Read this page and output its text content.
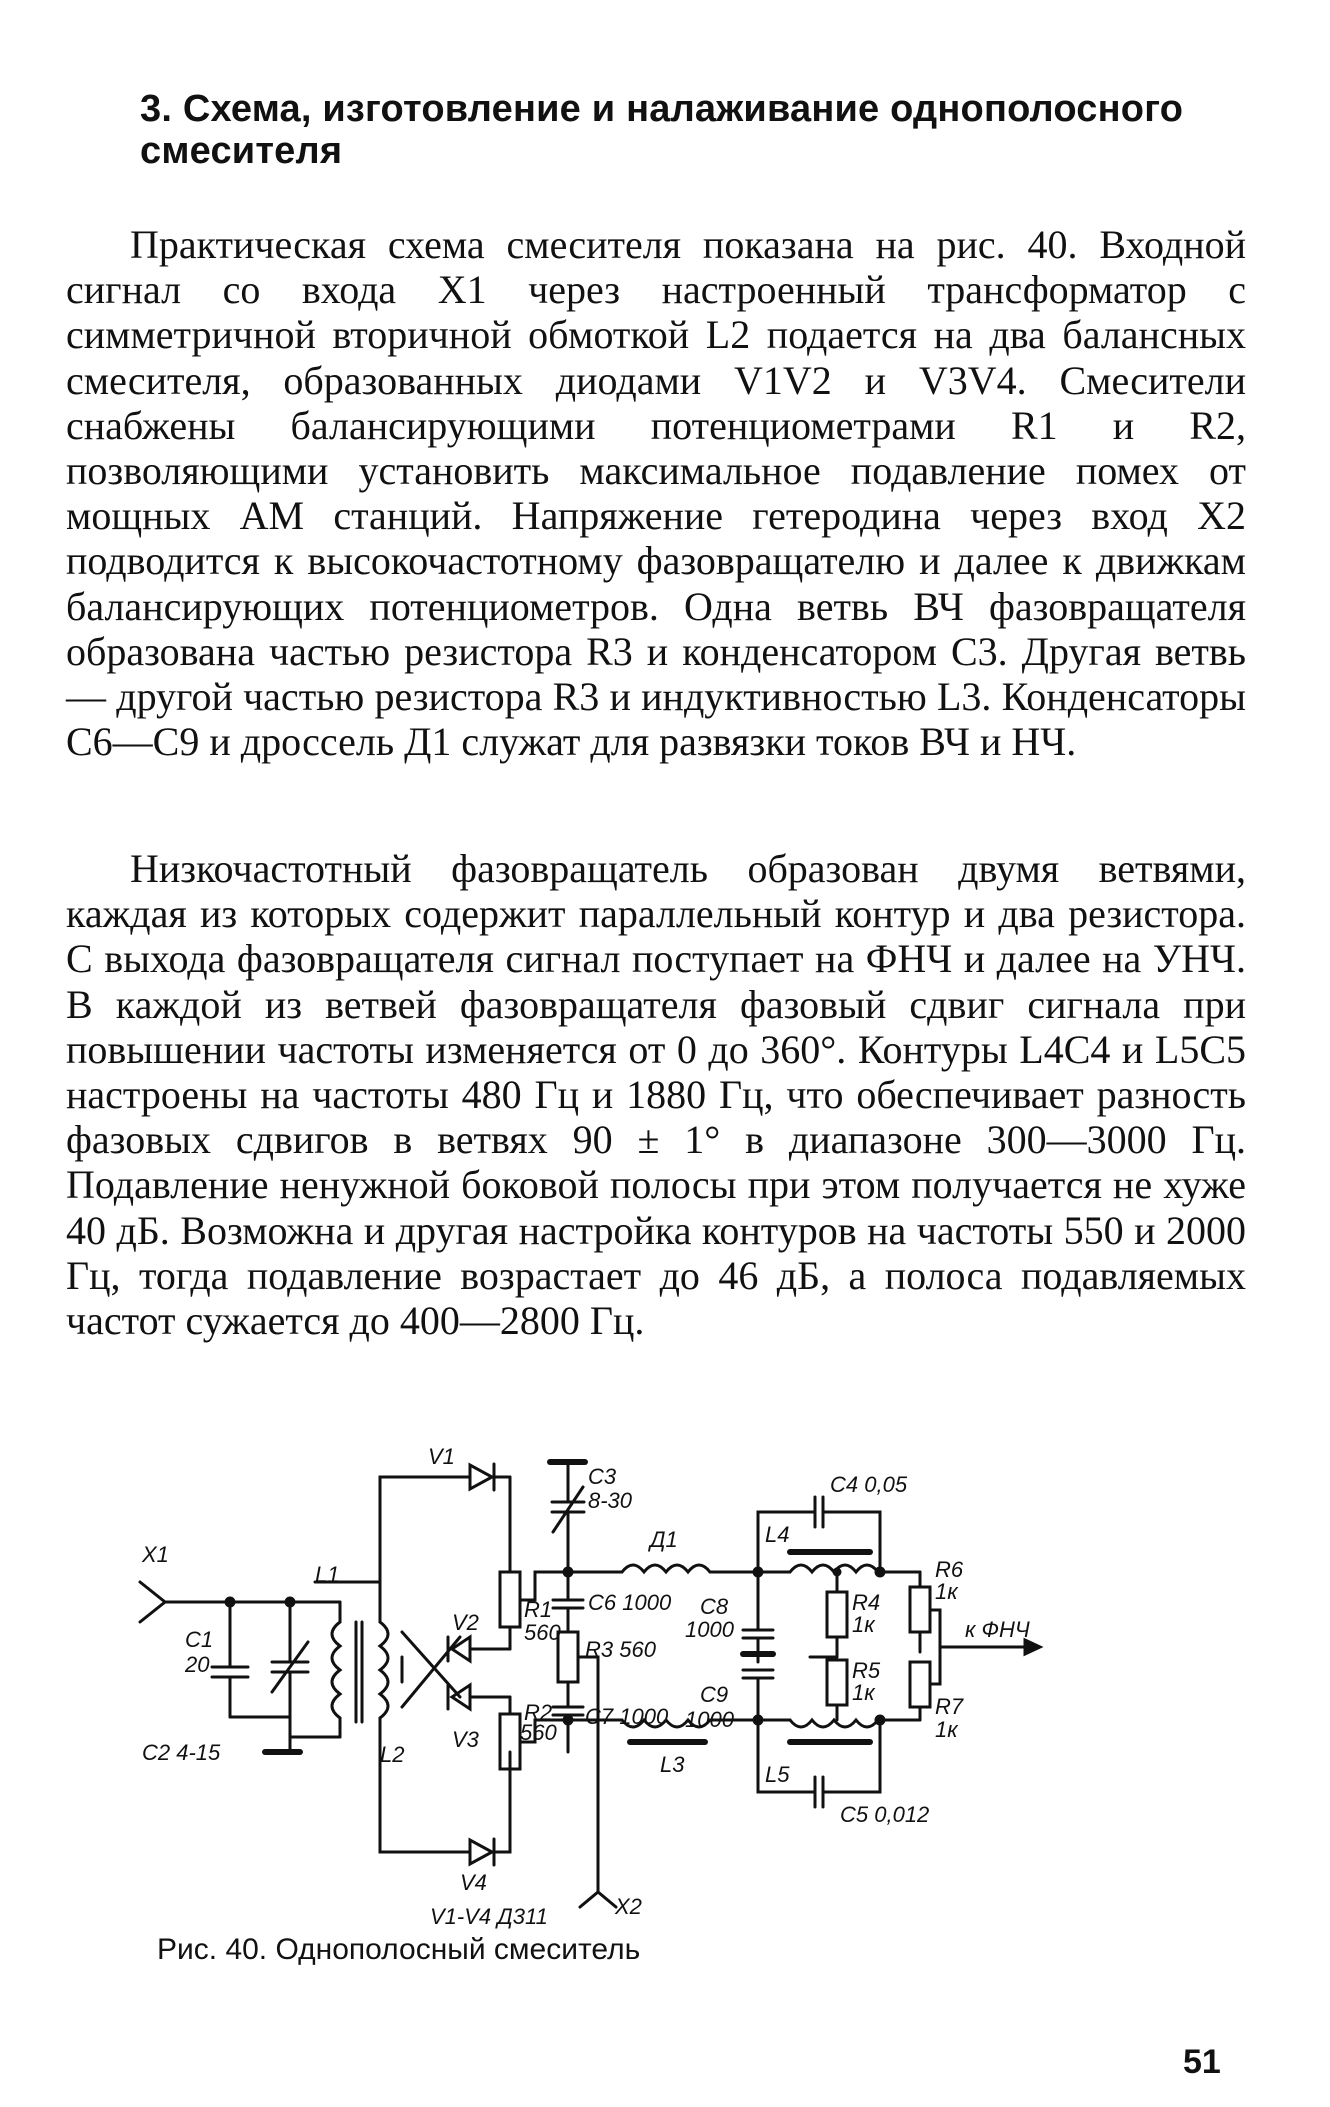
3. Схема, изготовление и налаживание однополосного смесителя
Практическая схема смесителя показана на рис. 40. Входной сигнал со входа X1 через настроенный трансформатор с симметричной вторичной обмоткой L2 подается на два балансных смесителя, образованных диодами V1V2 и V3V4. Смесители снабжены балансирующими потенциометрами R1 и R2, позволяющими установить максимальное подавление помех от мощных АМ станций. Напряжение гетеродина через вход X2 подводится к высокочастотному фазовращателю и далее к движкам балансирующих потенциометров. Одна ветвь ВЧ фазовращателя образована частью резистора R3 и конденсатором C3. Другая ветвь — другой частью резистора R3 и индуктивностью L3. Конденсаторы C6—C9 и дроссель Д1 служат для развязки токов ВЧ и НЧ.
Низкочастотный фазовращатель образован двумя ветвями, каждая из которых содержит параллельный контур и два резистора. С выхода фазовращателя сигнал поступает на ФНЧ и далее на УНЧ. В каждой из ветвей фазовращателя фазовый сдвиг сигнала при повышении частоты изменяется от 0 до 360°. Контуры L4C4 и L5C5 настроены на частоты 480 Гц и 1880 Гц, что обеспечивает разность фазовых сдвигов в ветвях 90 ± 1° в диапазоне 300—3000 Гц. Подавление ненужной боковой полосы при этом получается не хуже 40 дБ. Возможна и другая настройка контуров на частоты 550 и 2000 Гц, тогда подавление возрастает до 46 дБ, а полоса подавляемых частот сужается до 400—2800 Гц.
X1
C1
20
C2 4-15
L1
L2
V1
V2
V3
V4
V1-V4 Д311
R1
560
R2
560
C3
8-30
C6 1000
R3 560
C7 1000
X2
Д1
L3
C8
1000
C9
1000
L4
C4 0,05
L5
C5 0,012
R4
1к
R5
1к
R6
1к
R7
1к
к ФНЧ
Рис. 40. Однополосный смеситель
51
